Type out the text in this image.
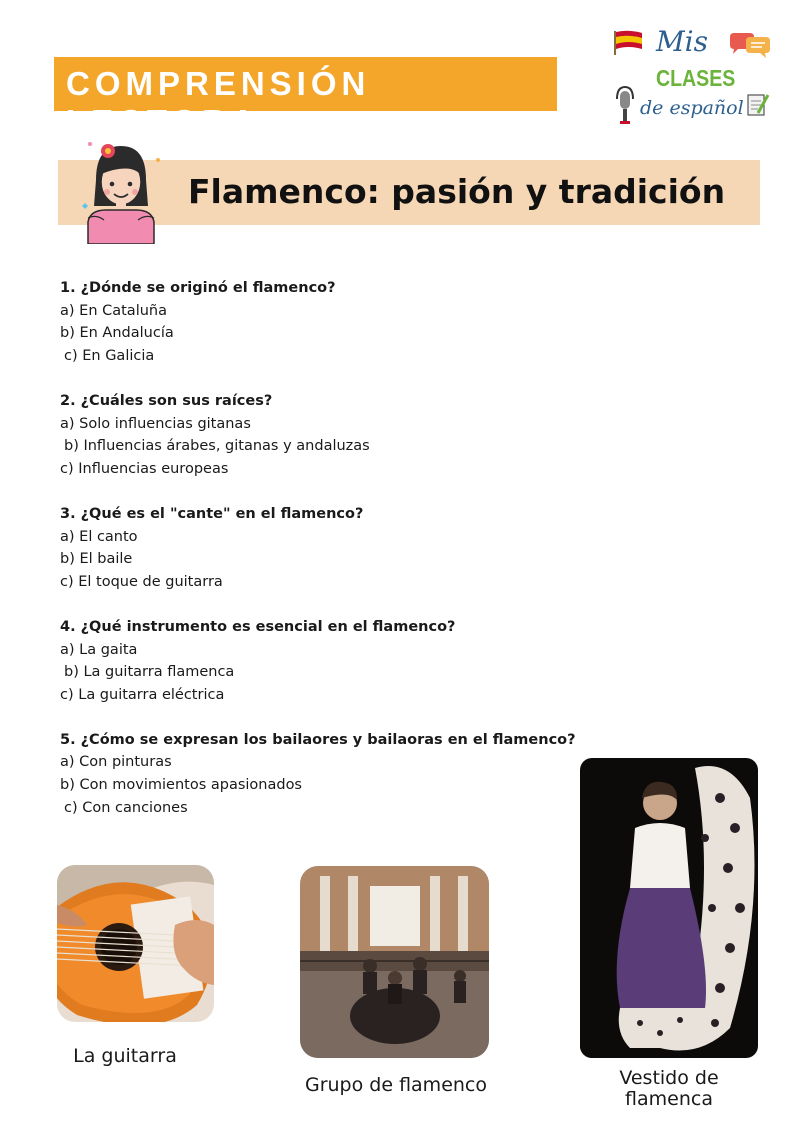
COMPRENSIÓN LECTORA
Mis
CLASES
de español
Flamenco: pasión y tradición
1. ¿Dónde se originó el flamenco?
a) En Cataluña
b) En Andalucía
c) En Galicia
2. ¿Cuáles son sus raíces?
a) Solo influencias gitanas
b) Influencias árabes, gitanas y andaluzas
c) Influencias europeas
3. ¿Qué es el "cante" en el flamenco?
a) El canto
b) El baile
c) El toque de guitarra
4. ¿Qué instrumento es esencial en el flamenco?
a) La gaita
b) La guitarra flamenca
c) La guitarra eléctrica
5. ¿Cómo se expresan los bailaores y bailaoras en el flamenco?
a) Con pinturas
b) Con movimientos apasionados
c) Con canciones
La guitarra
Grupo de flamenco	Vestido de
flamenca
